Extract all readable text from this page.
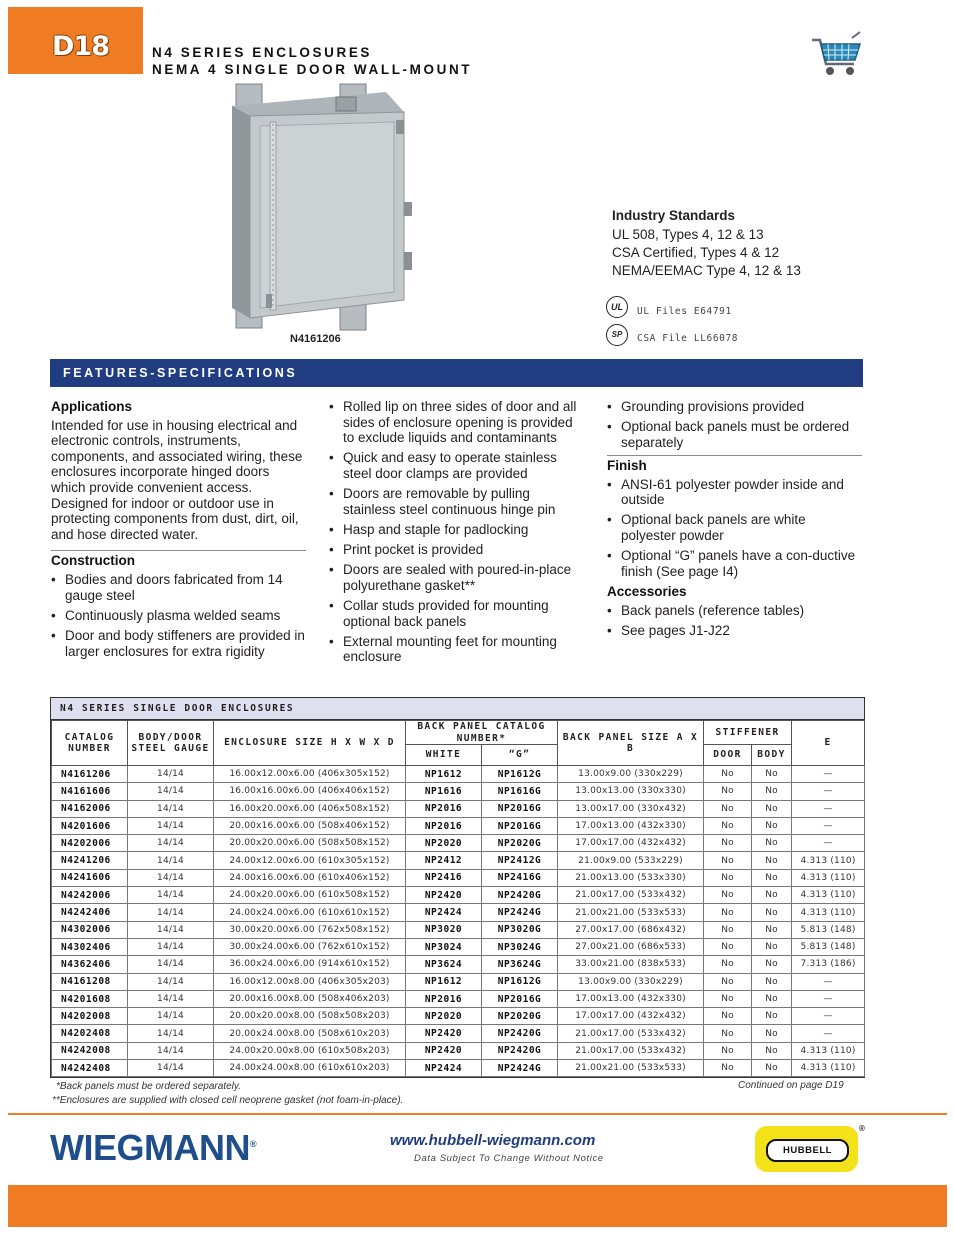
D18	N4 SERIES ENCLOSURES
NEMA 4 SINGLE DOOR WALL-MOUNT
N4161206
Industry Standards
UL 508, Types 4, 12 & 13
CSA Certified, Types 4 & 12
NEMA/EEMAC Type 4, 12 & 13
UL	UL Files E64791
SP	CSA File LL66078
FEATURES-SPECIFICATIONS
Applications

Intended for use in housing electrical and electronic controls, instruments, components, and associated wiring, these enclosures incorporate hinged doors which provide convenient access. Designed for indoor or outdoor use in protecting components from dust, dirt, oil, and hose directed water.

Construction
• Bodies and doors fabricated from 14 gauge steel
• Continuously plasma welded seams
• Door and body stiffeners are provided in larger enclosures for extra rigidity
• Rolled lip on three sides of door and all sides of enclosure opening is provided to exclude liquids and contaminants
• Quick and easy to operate stainless steel door clamps are provided
• Doors are removable by pulling stainless steel continuous hinge pin
• Hasp and staple for padlocking
• Print pocket is provided
• Doors are sealed with poured-in-place polyurethane gasket**
• Collar studs provided for mounting optional back panels
• External mounting feet for mounting enclosure
• Grounding provisions provided
• Optional back panels must be ordered separately
Finish
• ANSI-61 polyester powder inside and outside
• Optional back panels are white polyester powder
• Optional “G” panels have a con-ductive finish (See page I4)
Accessories
• Back panels (reference tables)
• See pages J1-J22
N4 SERIES SINGLE DOOR ENCLOSURES
CATALOG NUMBER	BODY/DOOR STEEL GAUGE	ENCLOSURE SIZE H X W X D	BACK PANEL CATALOG NUMBER*		BACK PANEL SIZE A X B	STIFFENER		E
			WHITE	“G”		DOOR	BODY	
N4161206	14/14	16.00x12.00x6.00 (406x305x152)	NP1612	NP1612G	13.00x9.00 (330x229)	No	No	—
N4161606	14/14	16.00x16.00x6.00 (406x406x152)	NP1616	NP1616G	13.00x13.00 (330x330)	No	No	—
N4162006	14/14	16.00x20.00x6.00 (406x508x152)	NP2016	NP2016G	13.00x17.00 (330x432)	No	No	—
N4201606	14/14	20.00x16.00x6.00 (508x406x152)	NP2016	NP2016G	17.00x13.00 (432x330)	No	No	—
N4202006	14/14	20.00x20.00x6.00 (508x508x152)	NP2020	NP2020G	17.00x17.00 (432x432)	No	No	—
N4241206	14/14	24.00x12.00x6.00 (610x305x152)	NP2412	NP2412G	21.00x9.00 (533x229)	No	No	4.313 (110)
N4241606	14/14	24.00x16.00x6.00 (610x406x152)	NP2416	NP2416G	21.00x13.00 (533x330)	No	No	4.313 (110)
N4242006	14/14	24.00x20.00x6.00 (610x508x152)	NP2420	NP2420G	21.00x17.00 (533x432)	No	No	4.313 (110)
N4242406	14/14	24.00x24.00x6.00 (610x610x152)	NP2424	NP2424G	21.00x21.00 (533x533)	No	No	4.313 (110)
N4302006	14/14	30.00x20.00x6.00 (762x508x152)	NP3020	NP3020G	27.00x17.00 (686x432)	No	No	5.813 (148)
N4302406	14/14	30.00x24.00x6.00 (762x610x152)	NP3024	NP3024G	27.00x21.00 (686x533)	No	No	5.813 (148)
N4362406	14/14	36.00x24.00x6.00 (914x610x152)	NP3624	NP3624G	33.00x21.00 (838x533)	No	No	7.313 (186)
N4161208	14/14	16.00x12.00x8.00 (406x305x203)	NP1612	NP1612G	13.00x9.00 (330x229)	No	No	—
N4201608	14/14	20.00x16.00x8.00 (508x406x203)	NP2016	NP2016G	17.00x13.00 (432x330)	No	No	—
N4202008	14/14	20.00x20.00x8.00 (508x508x203)	NP2020	NP2020G	17.00x17.00 (432x432)	No	No	—
N4202408	14/14	20.00x24.00x8.00 (508x610x203)	NP2420	NP2420G	21.00x17.00 (533x432)	No	No	—
N4242008	14/14	24.00x20.00x8.00 (610x508x203)	NP2420	NP2420G	21.00x17.00 (533x432)	No	No	4.313 (110)
N4242408	14/14	24.00x24.00x8.00 (610x610x203)	NP2424	NP2424G	21.00x21.00 (533x533)	No	No	4.313 (110)
*Back panels must be ordered separately.
**Enclosures are supplied with closed cell neoprene gasket (not foam-in-place).
Continued on page D19
WIEGMANN®	www.hubbell-wiegmann.com
Data Subject To Change Without Notice
HUBBELL
®
